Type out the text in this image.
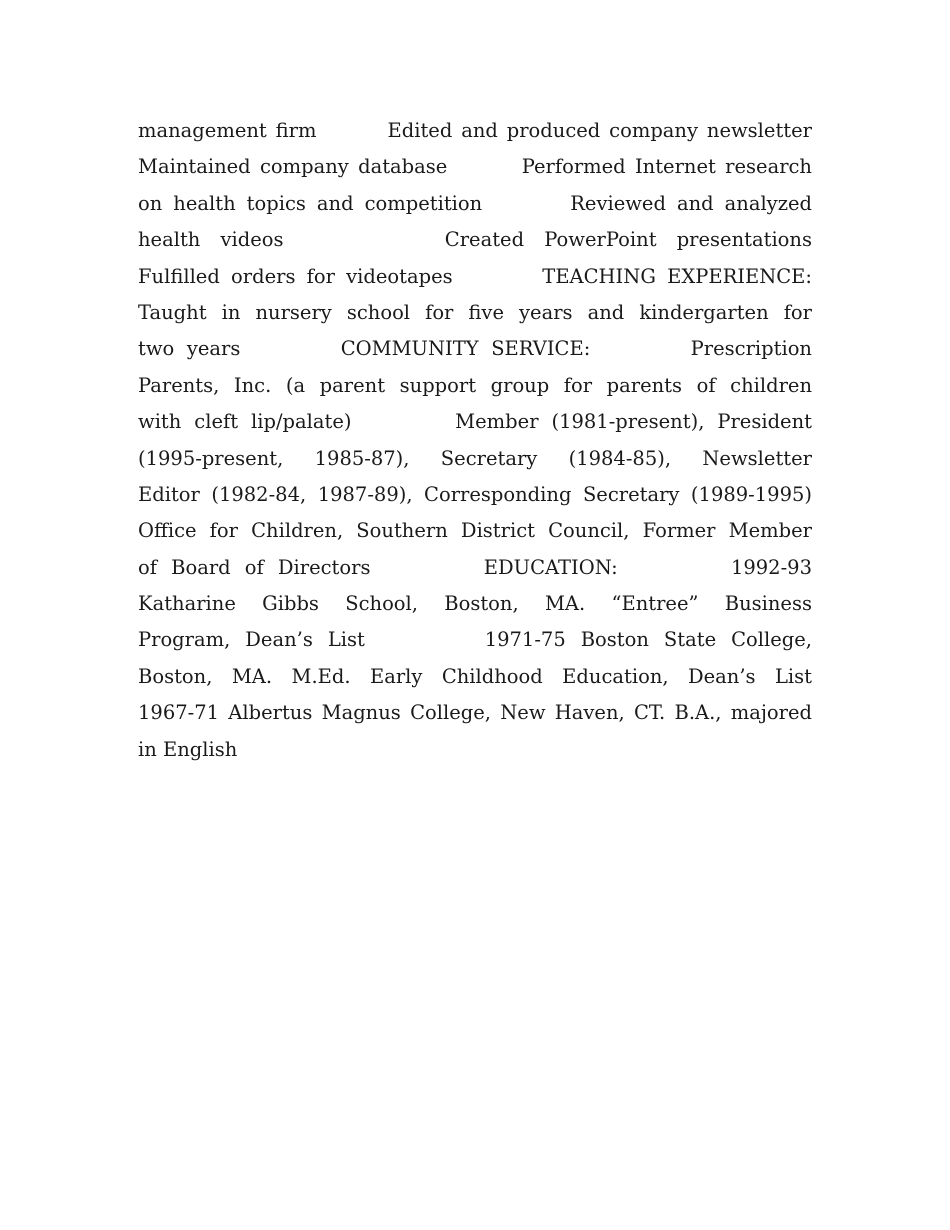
management firm        Edited and produced company newsletter
Maintained company database        Performed Internet research
on health topics and competition        Reviewed and analyzed
health videos        Created PowerPoint presentations
Fulfilled orders for videotapes        TEACHING EXPERIENCE:
Taught in nursery school for five years and kindergarten for
two years        COMMUNITY SERVICE:        Prescription
Parents, Inc. (a parent support group for parents of children
with cleft lip/palate)        Member (1981-present), President
(1995-present, 1985-87), Secretary (1984-85), Newsletter
Editor (1982-84, 1987-89), Corresponding Secretary (1989-1995)
Office for Children, Southern District Council, Former Member
of Board of Directors        EDUCATION:        1992-93
Katharine Gibbs School, Boston, MA. “Entree” Business
Program, Dean’s List        1971-75 Boston State College,
Boston, MA. M.Ed. Early Childhood Education, Dean’s List
1967-71 Albertus Magnus College, New Haven, CT. B.A., majored
in English
